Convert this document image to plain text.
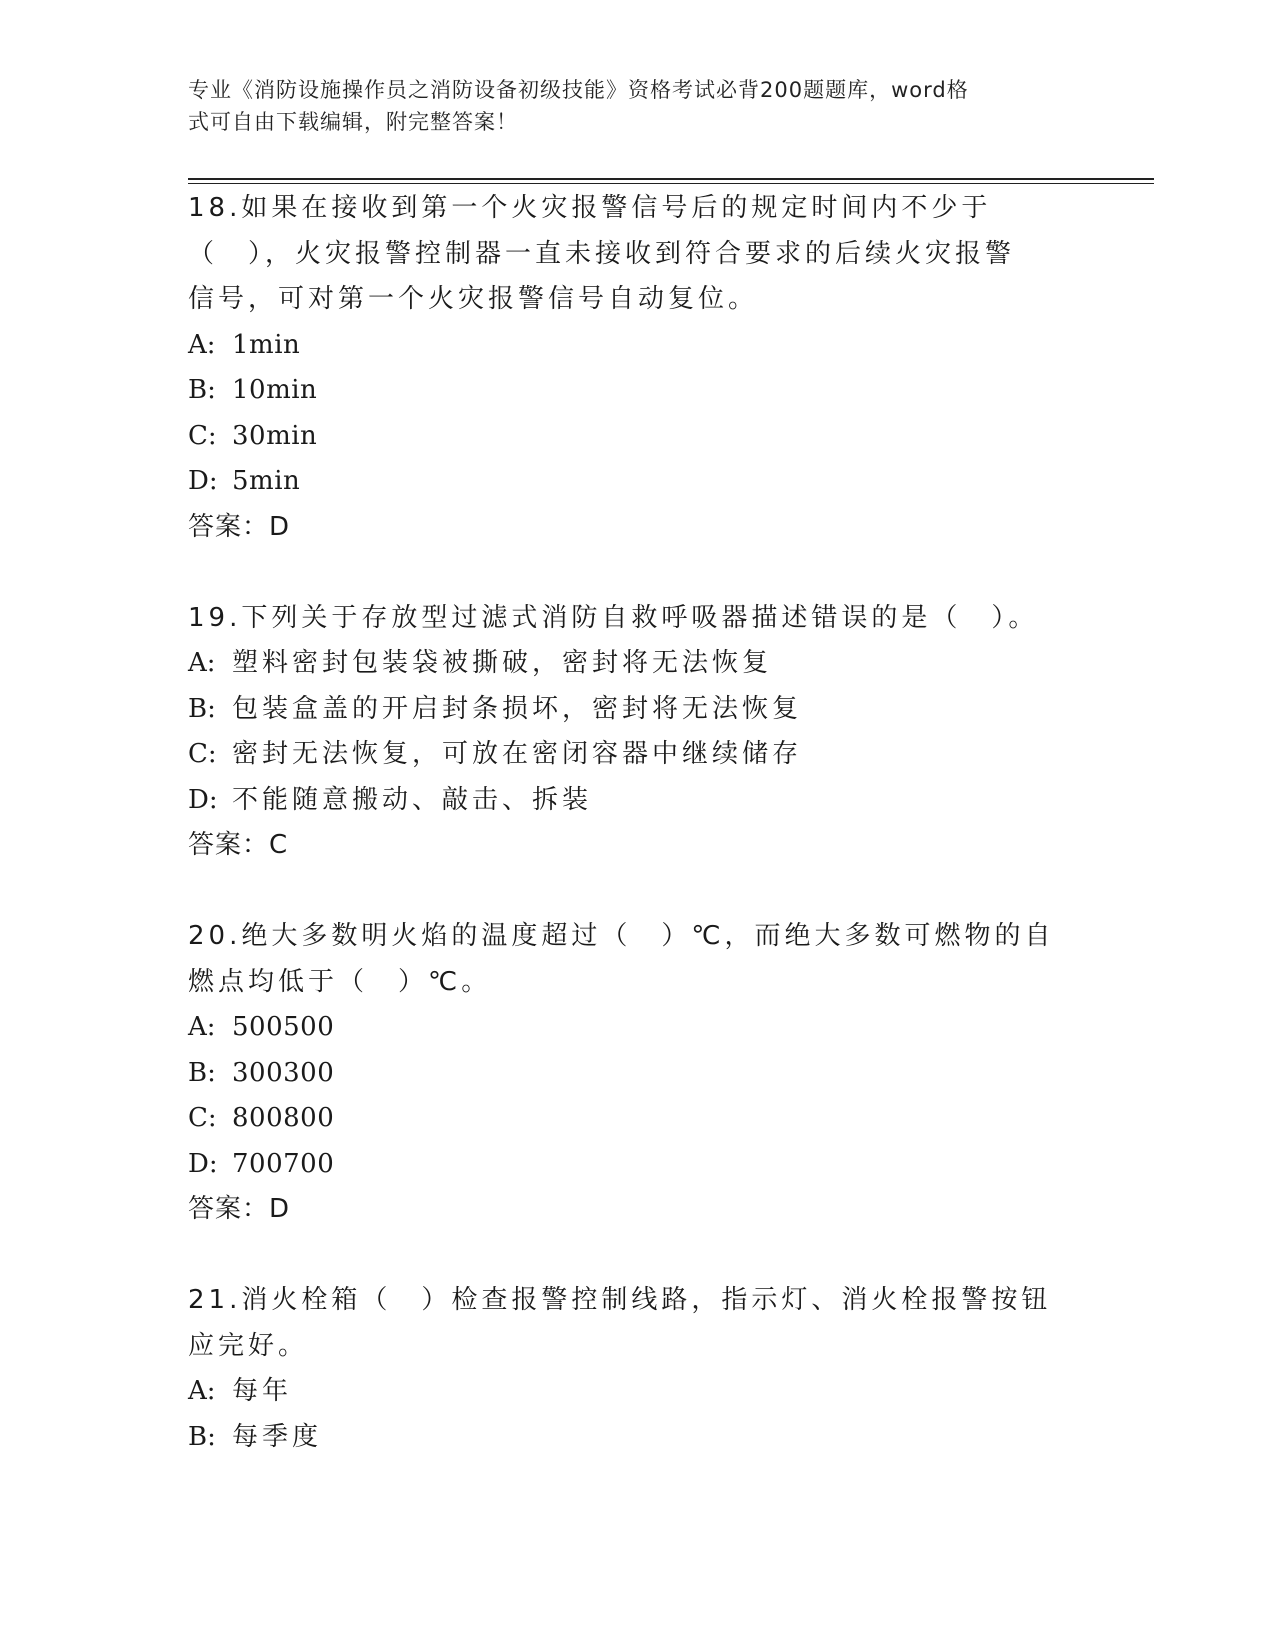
专业《消防设施操作员之消防设备初级技能》资格考试必背200题题库，word格
式可自由下载编辑，附完整答案！
18.如果在接收到第一个火灾报警信号后的规定时间内不少于（　），火灾报警控制器一直未接收到符合要求的后续火灾报警信号，可对第一个火灾报警信号自动复位。
A: 1min
B: 10min
C: 30min
D: 5min
答案：D
19.下列关于存放型过滤式消防自救呼吸器描述错误的是（　）。
A: 塑料密封包装袋被撕破，密封将无法恢复
B: 包装盒盖的开启封条损坏，密封将无法恢复
C: 密封无法恢复，可放在密闭容器中继续储存
D: 不能随意搬动、敲击、拆装
答案：C
20.绝大多数明火焰的温度超过（　）℃，而绝大多数可燃物的自燃点均低于（　）℃。
A: 500500
B: 300300
C: 800800
D: 700700
答案：D
21.消火栓箱（　）检查报警控制线路，指示灯、消火栓报警按钮应完好。
A: 每年
B: 每季度
